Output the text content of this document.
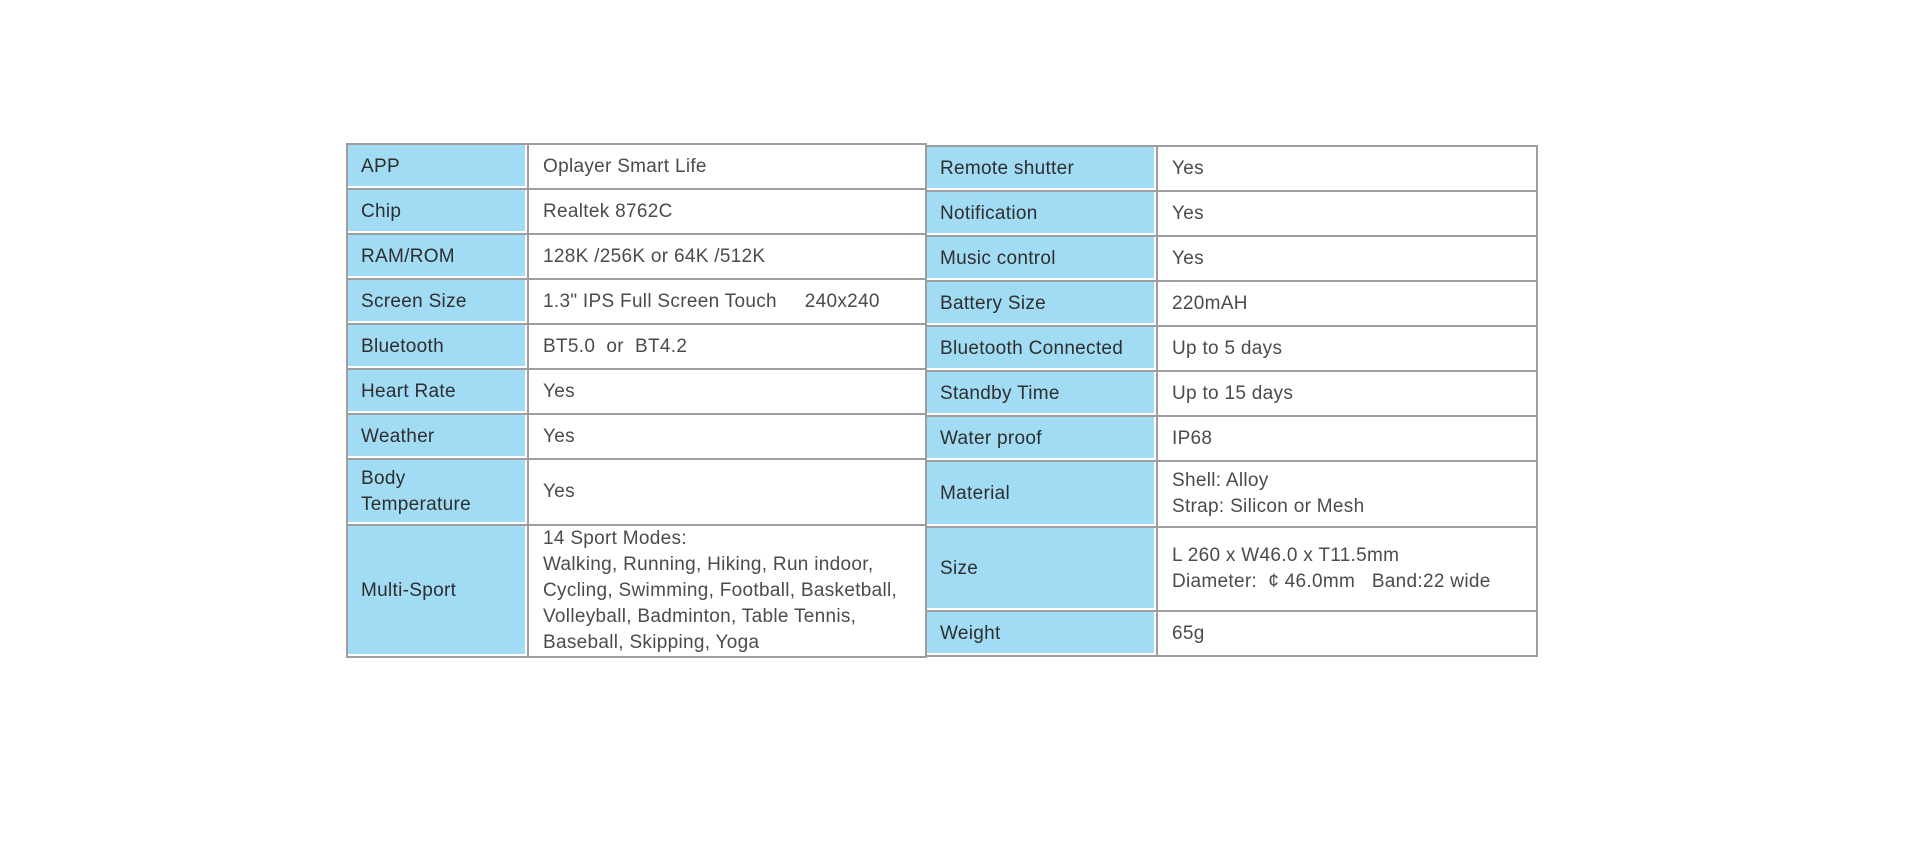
APP	Oplayer Smart Life

Chip	Realtek 8762C

RAM/ROM	128K /256K or 64K /512K

Screen Size	1.3" IPS Full Screen Touch     240x240

Bluetooth	BT5.0  or  BT4.2

Heart Rate	Yes

Weather	Yes

Body Temperature	Yes

Multi-Sport	14 Sport Modes:
Walking, Running, Hiking, Run indoor,
Cycling, Swimming, Football, Basketball,
Volleyball, Badminton, Table Tennis,
Baseball, Skipping, Yoga
Remote shutter	Yes

Notification	Yes

Music control	Yes

Battery Size	220mAH

Bluetooth Connected	Up to 5 days

Standby Time	Up to 15 days

Water proof	IP68

Material	Shell: Alloy
Strap: Silicon or Mesh

Size	L 260 x W46.0 x T11.5mm
Diameter:  ¢ 46.0mm   Band:22 wide

Weight	65g
